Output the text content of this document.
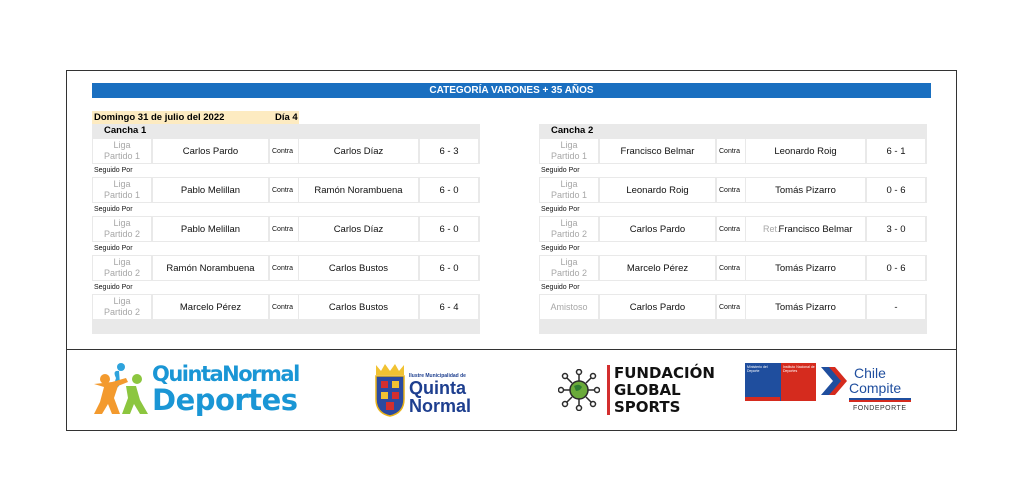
CATEGORÍA VARONES + 35 AÑOS
Domingo 31 de julio del 2022	Día 4
Cancha 1
Liga
Partido 1	Carlos Pardo	Contra	Carlos Díaz	6 - 3
Seguido Por
Liga
Partido 1	Pablo Melillan	Contra	Ramón Norambuena	6 - 0
Seguido Por
Liga
Partido 2	Pablo Melillan	Contra	Carlos Díaz	6 - 0
Seguido Por
Liga
Partido 2	Ramón Norambuena	Contra	Carlos Bustos	6 - 0
Seguido Por
Liga
Partido 2	Marcelo Pérez	Contra	Carlos Bustos	6 - 4
Cancha 2
Liga
Partido 1	Francisco Belmar	Contra	Leonardo Roig	6 - 1
Seguido Por
Liga
Partido 1	Leonardo Roig	Contra	Tomás Pizarro	0 - 6
Seguido Por
Liga
Partido 2	Carlos Pardo	Contra	Ret. Francisco Belmar	3 - 0
Seguido Por
Liga
Partido 2	Marcelo Pérez	Contra	Tomás Pizarro	0 - 6
Seguido Por
Amistoso	Carlos Pardo	Contra	Tomás Pizarro	-
QuintaNormal
Deportes
Ilustre Municipalidad de
Quinta
Normal
FUNDACIÓN
GLOBAL
SPORTS
Ministerio del Deporte
Instituto Nacional de Deportes	Chile
Compite
FONDEPORTE
